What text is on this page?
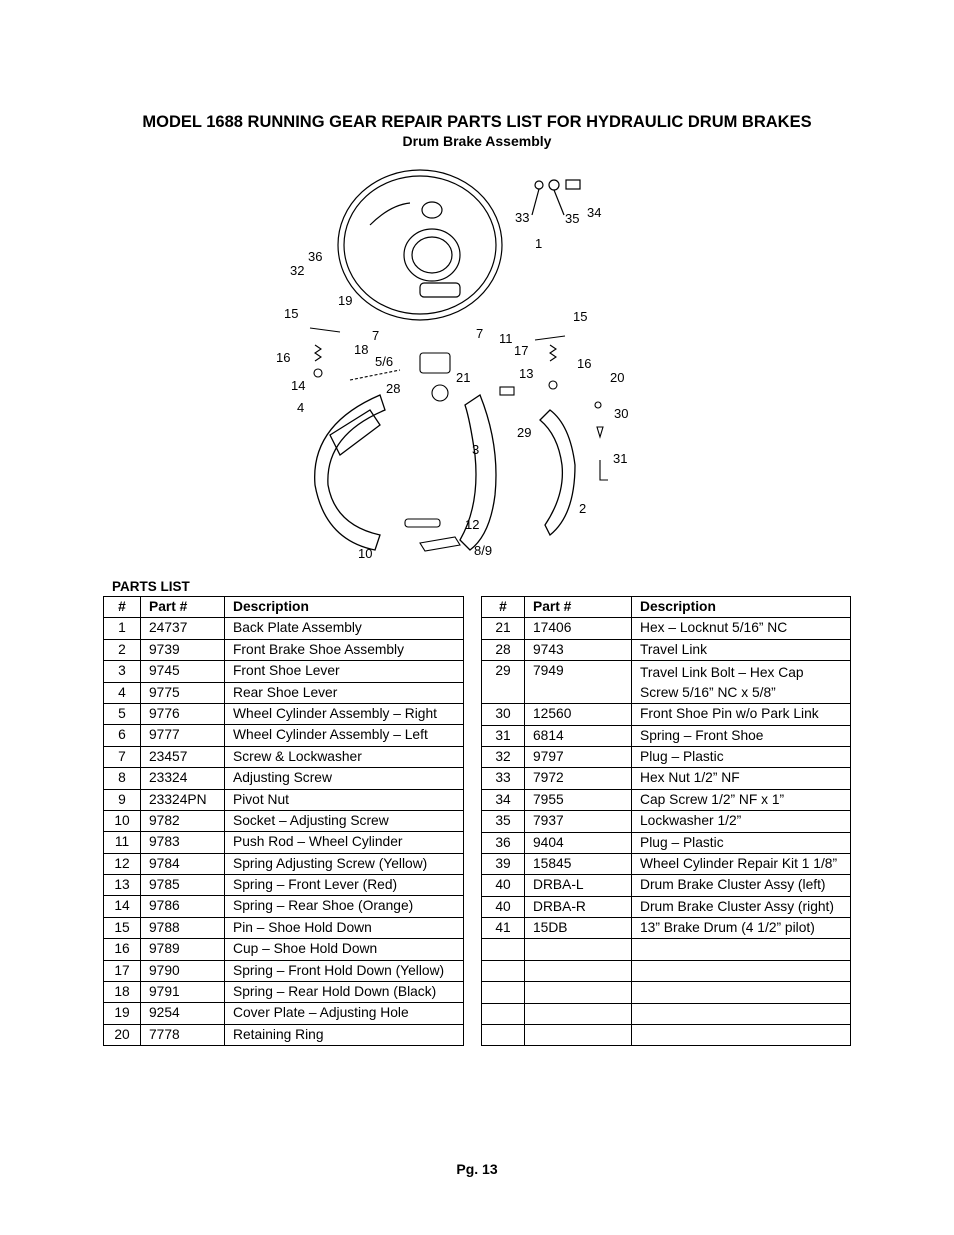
MODEL 1688 RUNNING GEAR REPAIR PARTS LIST FOR HYDRAULIC DRUM BRAKES
Drum Brake Assembly
33	35 34
1
36
32
19
15
7	7 11
15
16
18
5/6
17
16
21	13
14	28
20
4	30
29
3
31
2
12
10	8/9
PARTS LIST
#	Part #	Description
1	24737	Back Plate Assembly
2	9739	Front Brake Shoe Assembly
3	9745	Front Shoe Lever
4	9775	Rear Shoe Lever
5	9776	Wheel Cylinder Assembly – Right
6	9777	Wheel Cylinder Assembly – Left
7	23457	Screw & Lockwasher
8	23324	Adjusting Screw
9	23324PN	Pivot Nut
10	9782	Socket – Adjusting Screw
11	9783	Push Rod – Wheel Cylinder
12	9784	Spring Adjusting Screw (Yellow)
13	9785	Spring – Front Lever (Red)
14	9786	Spring – Rear Shoe (Orange)
15	9788	Pin – Shoe Hold Down
16	9789	Cup – Shoe Hold Down
17	9790	Spring – Front Hold Down (Yellow)
18	9791	Spring – Rear Hold Down (Black)
19	9254	Cover Plate – Adjusting Hole
20	7778	Retaining Ring
#	Part #	Description
21	17406	Hex – Locknut 5/16” NC
28	9743	Travel Link
29	7949	Travel Link Bolt – Hex Cap Screw 5/16” NC x 5/8”
30	12560	Front Shoe Pin w/o Park Link
31	6814	Spring – Front Shoe
32	9797	Plug – Plastic
33	7972	Hex Nut 1/2” NF
34	7955	Cap Screw 1/2” NF x 1”
35	7937	Lockwasher 1/2”
36	9404	Plug – Plastic
39	15845	Wheel Cylinder Repair Kit 1 1/8”
40	DRBA-L	Drum Brake Cluster Assy (left)
40	DRBA-R	Drum Brake Cluster Assy (right)
41	15DB	13” Brake Drum (4 1/2” pilot)

Pg. 13
